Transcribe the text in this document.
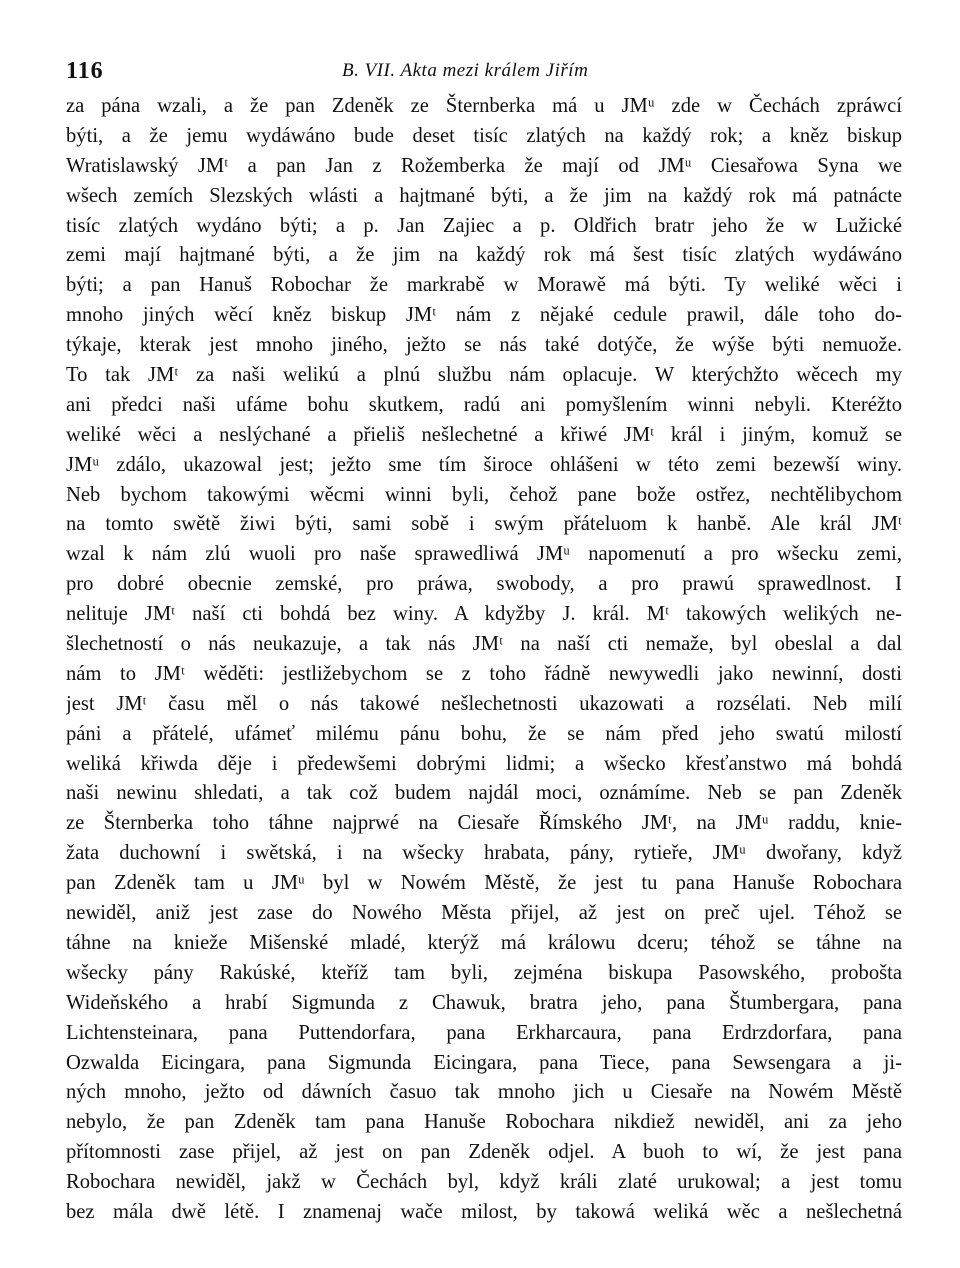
116	B. VII. Akta mezi králem Jiřím
za pána wzali, a že pan Zdeněk ze Šternberka má u JMᵘ zde w Čechách zpráwcí
býti, a že jemu wydáwáno bude deset tisíc zlatých na každý rok; a kněz biskup
Wratislawský JMᵗ a pan Jan z Rožemberka že mají od JMᵘ Ciesařowa Syna we
wšech zemích Slezských wlásti a hajtmané býti, a že jim na každý rok má patnácte
tisíc zlatých wydáno býti; a p. Jan Zajiec a p. Oldřich bratr jeho že w Lužické
zemi mají hajtmané býti, a že jim na každý rok má šest tisíc zlatých wydáwáno
býti; a pan Hanuš Robochar že markrabě w Morawě má býti. Ty weliké wěci i
mnoho jiných wěcí kněz biskup JMᵗ nám z nějaké cedule prawil, dále toho do-
týkaje, kterak jest mnoho jiného, ježto se nás také dotýče, že wýše býti nemuože.
To tak JMᵗ za naši welikú a plnú službu nám oplacuje. W kterýchžto wěcech my
ani předci naši ufáme bohu skutkem, radú ani pomyšlením winni nebyli. Kteréžto
weliké wěci a neslýchané a přieliš nešlechetné a křiwé JMᵗ král i jiným, komuž se
JMᵘ zdálo, ukazowal jest; ježto sme tím široce ohlášeni w této zemi bezewší winy.
Neb bychom takowými wěcmi winni byli, čehož pane bože ostřez, nechtělibychom
na tomto swětě žiwi býti, sami sobě i swým přáteluom k hanbě. Ale král JMᵗ
wzal k nám zlú wuoli pro naše sprawedliwá JMᵘ napomenutí a pro wšecku zemi,
pro dobré obecnie zemské, pro práwa, swobody, a pro prawú sprawedlnost. I
nelituje JMᵗ naší cti bohdá bez winy. A kdyžby J. král. Mᵗ takowých welikých ne-
šlechetností o nás neukazuje, a tak nás JMᵗ na naší cti nemaže, byl obeslal a dal
nám to JMᵗ wěděti: jestližebychom se z toho řádně newywedli jako newinní, dosti
jest JMᵗ času měl o nás takowé nešlechetnosti ukazowati a rozsélati. Neb milí
páni a přátelé, ufámeť milému pánu bohu, že se nám před jeho swatú milostí
weliká křiwda děje i předewšemi dobrými lidmi; a wšecko křesťanstwo má bohdá
naši newinu shledati, a tak což budem najdál moci, oznámíme. Neb se pan Zdeněk
ze Šternberka toho táhne najprwé na Ciesaře Římského JMᵗ, na JMᵘ raddu, knie-
žata duchowní i swětská, i na wšecky hrabata, pány, rytieře, JMᵘ dwořany, když
pan Zdeněk tam u JMᵘ byl w Nowém Městě, že jest tu pana Hanuše Robochara
newiděl, aniž jest zase do Nowého Města přijel, až jest on preč ujel. Téhož se
táhne na knieže Mišenské mladé, kterýž má králowu dceru; téhož se táhne na
wšecky pány Rakúské, kteříž tam byli, zejména biskupa Pasowského, probošta
Wideňského a hrabí Sigmunda z Chawuk, bratra jeho, pana Štumbergara, pana
Lichtensteinara, pana Puttendorfara, pana Erkharcaura, pana Erdrzdorfara, pana
Ozwalda Eicingara, pana Sigmunda Eicingara, pana Tiece, pana Sewsengara a ji-
ných mnoho, ježto od dáwních časuo tak mnoho jich u Ciesaře na Nowém Městě
nebylo, že pan Zdeněk tam pana Hanuše Robochara nikdiež newiděl, ani za jeho
přítomnosti zase přijel, až jest on pan Zdeněk odjel. A buoh to wí, že jest pana
Robochara newiděl, jakž w Čechách byl, když králi zlaté urukowal; a jest tomu
bez mála dwě létě. I znamenaj wače milost, by takowá weliká wěc a nešlechetná
